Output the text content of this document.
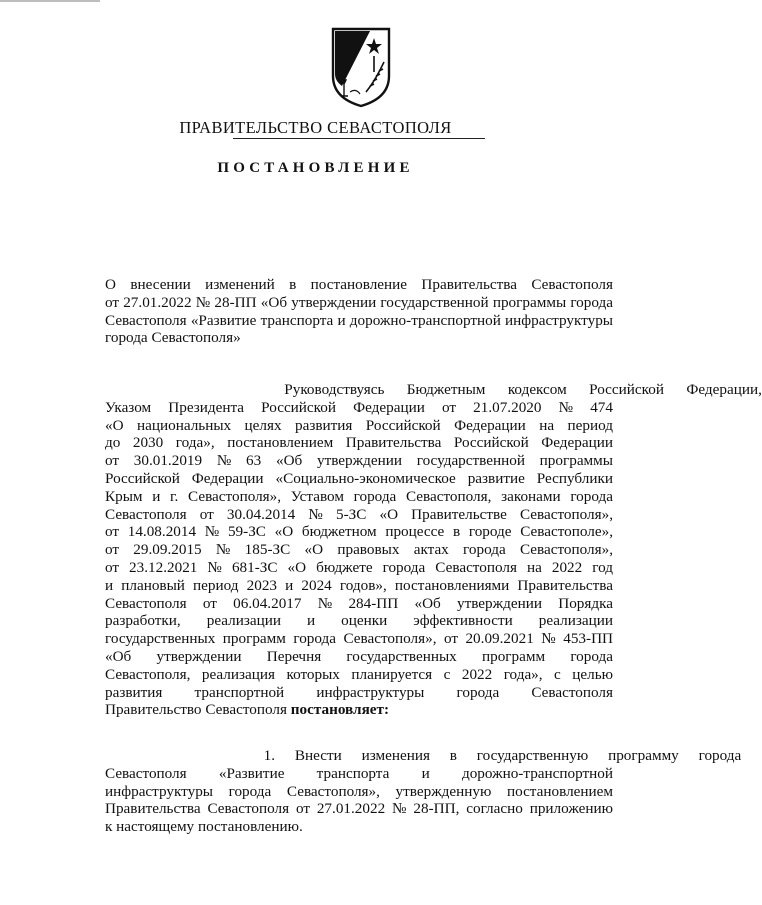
ПРАВИТЕЛЬСТВО СЕВАСТОПОЛЯ
ПОСТАНОВЛЕНИЕ
О внесении изменений в постановление Правительства Севастополя
от 27.01.2022 № 28-ПП «Об утверждении государственной программы города
Севастополя «Развитие транспорта и дорожно-транспортной инфраструктуры
города Севастополя»
Руководствуясь Бюджетным кодексом Российской Федерации,
Указом Президента Российской Федерации от 21.07.2020 № 474
«О национальных целях развития Российской Федерации на период
до 2030 года», постановлением Правительства Российской Федерации
от 30.01.2019 № 63 «Об утверждении государственной программы
Российской Федерации «Социально-экономическое развитие Республики
Крым и г. Севастополя», Уставом города Севастополя, законами города
Севастополя от 30.04.2014 № 5-ЗС «О Правительстве Севастополя»,
от 14.08.2014 № 59-ЗС «О бюджетном процессе в городе Севастополе»,
от 29.09.2015 № 185-ЗС «О правовых актах города Севастополя»,
от 23.12.2021 № 681-ЗС «О бюджете города Севастополя на 2022 год
и плановый период 2023 и 2024 годов», постановлениями Правительства
Севастополя от 06.04.2017 № 284-ПП «Об утверждении Порядка
разработки, реализации и оценки эффективности реализации
государственных программ города Севастополя», от 20.09.2021 № 453-ПП
«Об утверждении Перечня государственных программ города
Севастополя, реализация которых планируется с 2022 года», с целью
развития транспортной инфраструктуры города Севастополя
Правительство Севастополя постановляет:
1. Внести изменения в государственную программу города
Севастополя «Развитие транспорта и дорожно-транспортной
инфраструктуры города Севастополя», утвержденную постановлением
Правительства Севастополя от 27.01.2022 № 28-ПП, согласно приложению
к настоящему постановлению.
